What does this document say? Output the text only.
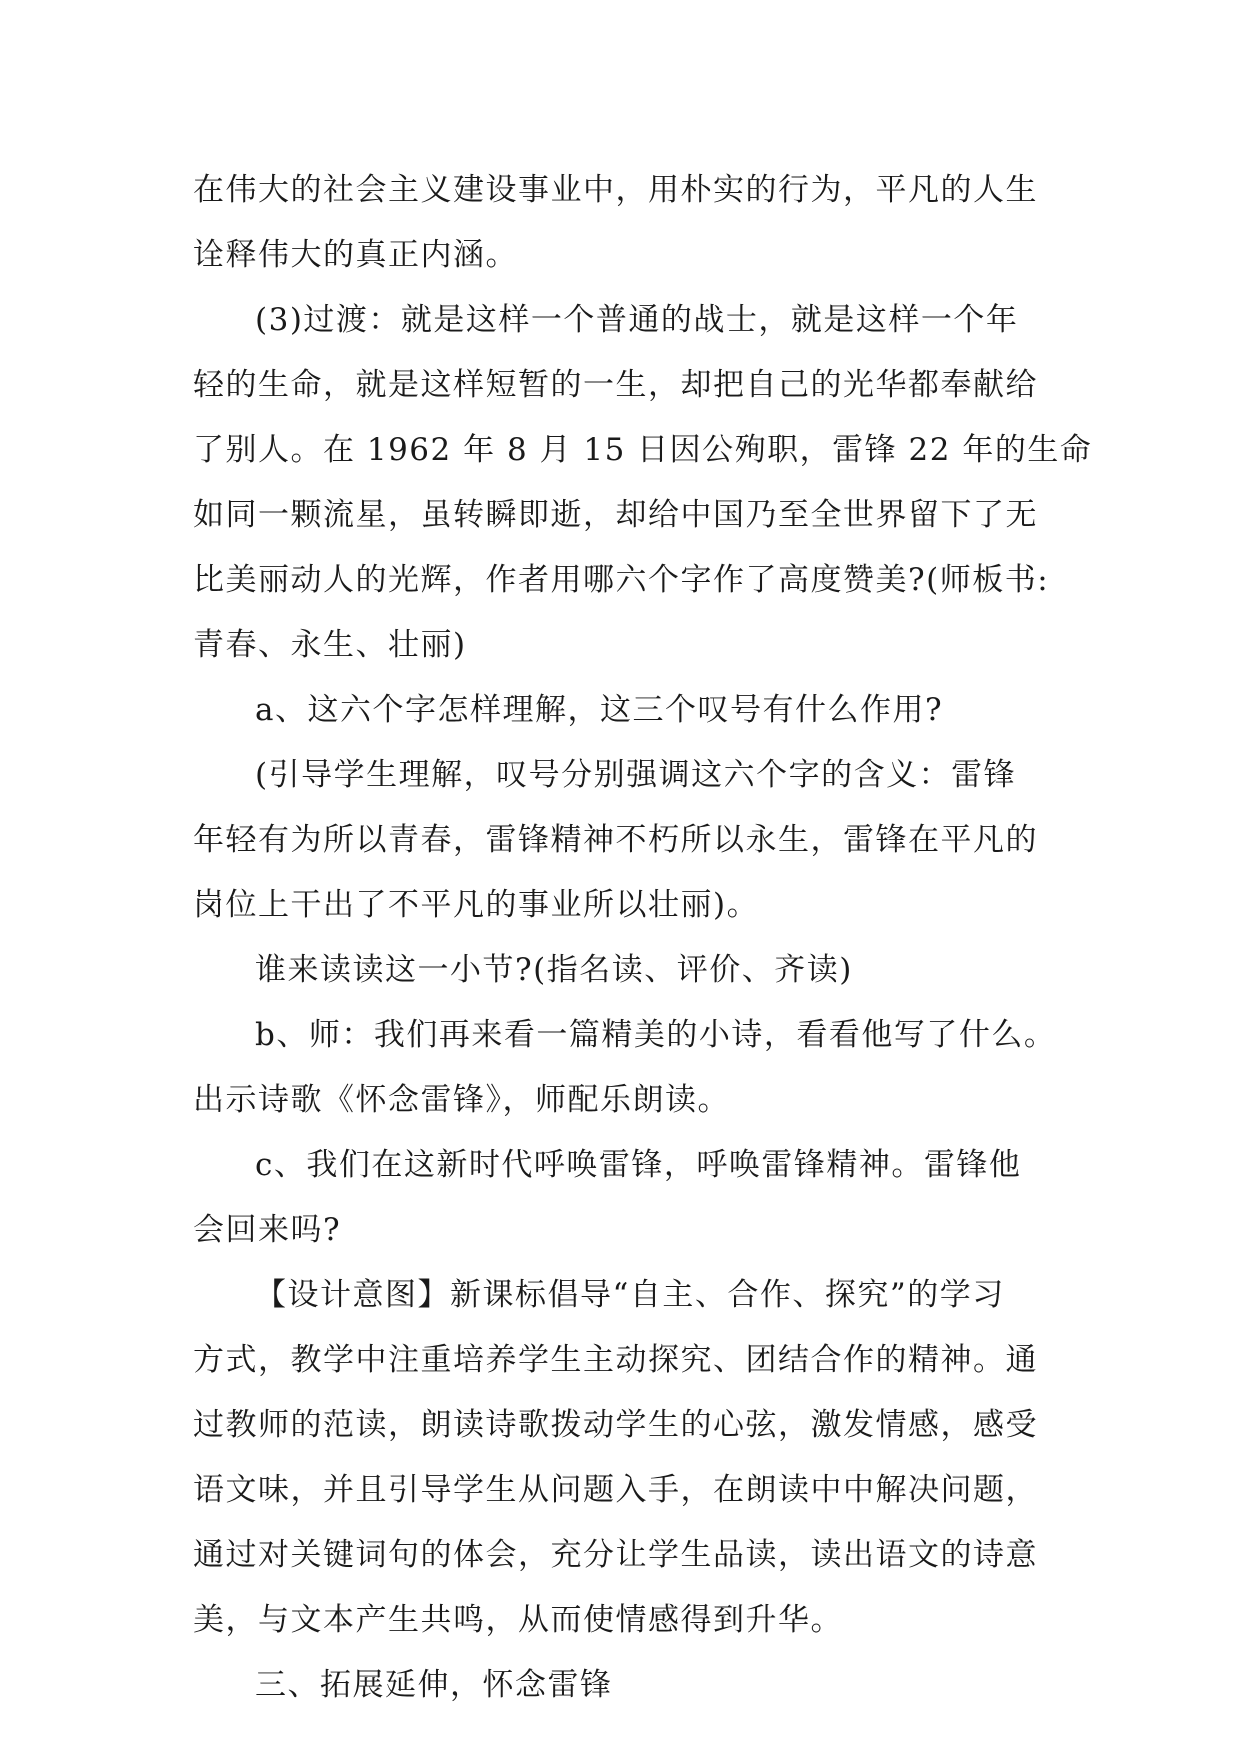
在伟大的社会主义建设事业中，用朴实的行为，平凡的人生
诠释伟大的真正内涵。
(3)过渡：就是这样一个普通的战士，就是这样一个年
轻的生命，就是这样短暂的一生，却把自己的光华都奉献给
了别人。在 1962 年 8 月 15 日因公殉职，雷锋 22 年的生命
如同一颗流星，虽转瞬即逝，却给中国乃至全世界留下了无
比美丽动人的光辉，作者用哪六个字作了高度赞美?(师板书:
青春、永生、壮丽)
a、这六个字怎样理解，这三个叹号有什么作用?
(引导学生理解，叹号分别强调这六个字的含义：雷锋
年轻有为所以青春，雷锋精神不朽所以永生，雷锋在平凡的
岗位上干出了不平凡的事业所以壮丽)。
谁来读读这一小节?(指名读、评价、齐读)
b、师：我们再来看一篇精美的小诗，看看他写了什么。
出示诗歌《怀念雷锋》，师配乐朗读。
c、我们在这新时代呼唤雷锋，呼唤雷锋精神。雷锋他
会回来吗?
【设计意图】新课标倡导“自主、合作、探究”的学习
方式，教学中注重培养学生主动探究、团结合作的精神。通
过教师的范读，朗读诗歌拨动学生的心弦，激发情感，感受
语文味，并且引导学生从问题入手，在朗读中中解决问题，
通过对关键词句的体会，充分让学生品读，读出语文的诗意
美，与文本产生共鸣，从而使情感得到升华。
三、拓展延伸，怀念雷锋
